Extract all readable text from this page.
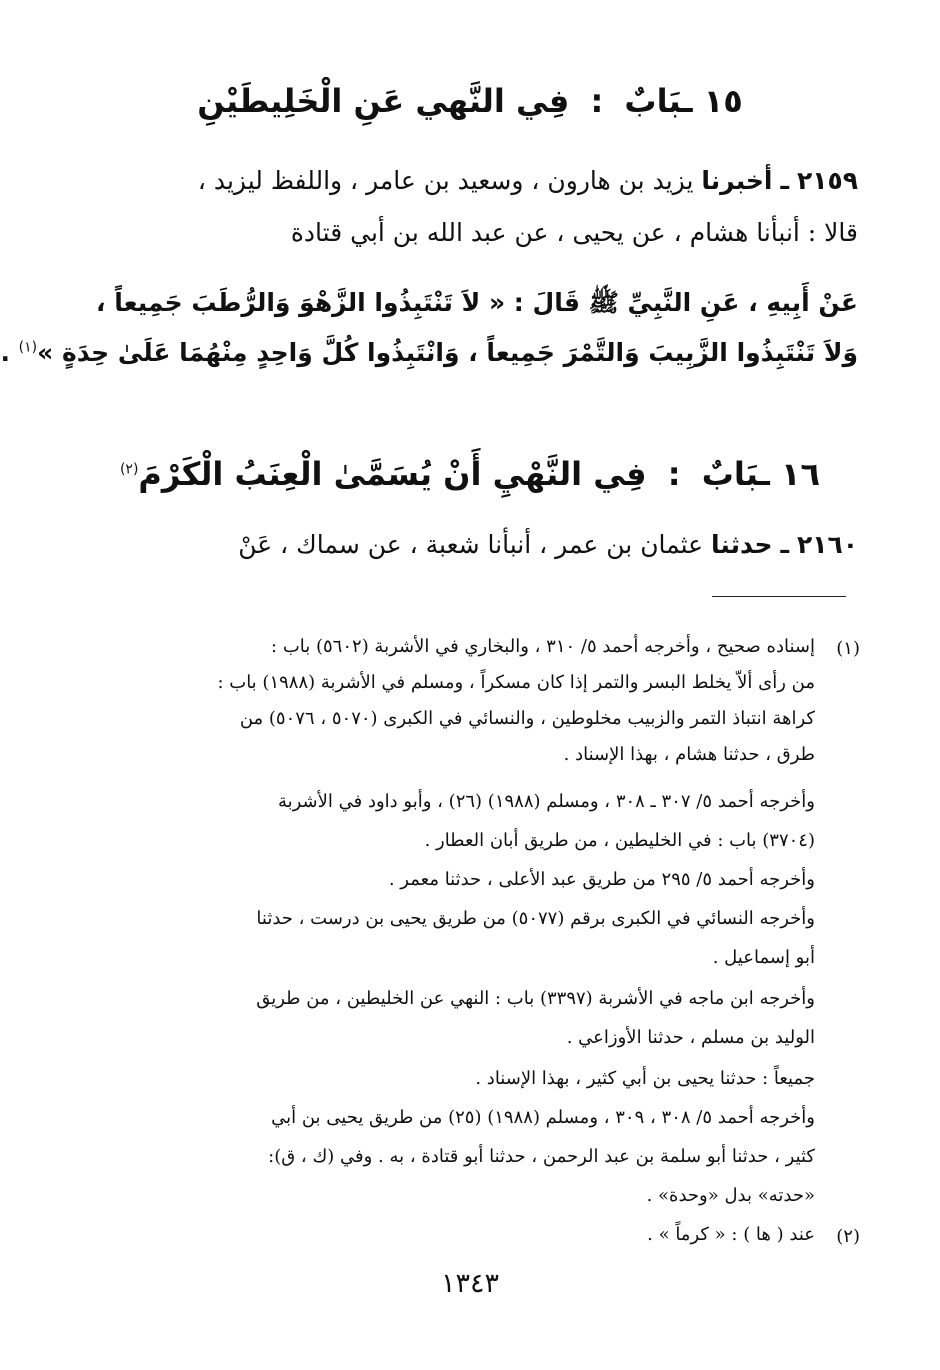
١٥ ـبَابٌ : فِي النَّهي عَنِ الْخَلِيطَيْنِ
٢١٥٩ ـ أخبرنا يزيد بن هارون ، وسعيد بن عامر ، واللفظ ليزيد ،
قالا : أنبأنا هشام ، عن يحيى ، عن عبد الله بن أبي قتادة
عَنْ أَبِيهِ ، عَنِ النَّبِيِّ ﷺ قَالَ : « لاَ تَنْتَبِذُوا الزَّهْوَ وَالرُّطَبَ جَمِيعاً ،
وَلاَ تَنْتَبِذُوا الزَّبِيبَ وَالتَّمْرَ جَمِيعاً ، وَانْتَبِذُوا كُلَّ وَاحِدٍ مِنْهُمَا عَلَىٰ حِدَةٍ »$^{(١)}$ .
١٦ ـبَابٌ : فِي النَّهْيِ أَنْ يُسَمَّىٰ الْعِنَبُ الْكَرْمَ$^{(٢)}$
٢١٦٠ ـ حدثنا عثمان بن عمر ، أنبأنا شعبة ، عن سماك ، عَنْ
(١)
إسناده صحيح ، وأخرجه أحمد ٥/ ٣١٠ ، والبخاري في الأشربة (٥٦٠٢) باب :
من رأى ألاّ يخلط البسر والتمر إذا كان مسكراً ، ومسلم في الأشربة (١٩٨٨) باب :
كراهة انتباذ التمر والزبيب مخلوطين ، والنسائي في الكبرى (٥٠٧٠ ، ٥٠٧٦) من
طرق ، حدثنا هشام ، بهذا الإسناد .
وأخرجه أحمد ٥/ ٣٠٧ ـ ٣٠٨ ، ومسلم (١٩٨٨) (٢٦) ، وأبو داود في الأشربة
(٣٧٠٤) باب : في الخليطين ، من طريق أبان العطار .
وأخرجه أحمد ٥/ ٢٩٥ من طريق عبد الأعلى ، حدثنا معمر .
وأخرجه النسائي في الكبرى برقم (٥٠٧٧) من طريق يحيى بن درست ، حدثنا
أبو إسماعيل .
وأخرجه ابن ماجه في الأشربة (٣٣٩٧) باب : النهي عن الخليطين ، من طريق
الوليد بن مسلم ، حدثنا الأوزاعي .
جميعاً : حدثنا يحيى بن أبي كثير ، بهذا الإسناد .
وأخرجه أحمد ٥/ ٣٠٨ ، ٣٠٩ ، ومسلم (١٩٨٨) (٢٥) من طريق يحيى بن أبي
كثير ، حدثنا أبو سلمة بن عبد الرحمن ، حدثنا أبو قتادة ، به . وفي (ك ، ق):
«حدته» بدل «وحدة» .
(٢)
عند ( ها ) : « كرماً » .
١٣٤٣
